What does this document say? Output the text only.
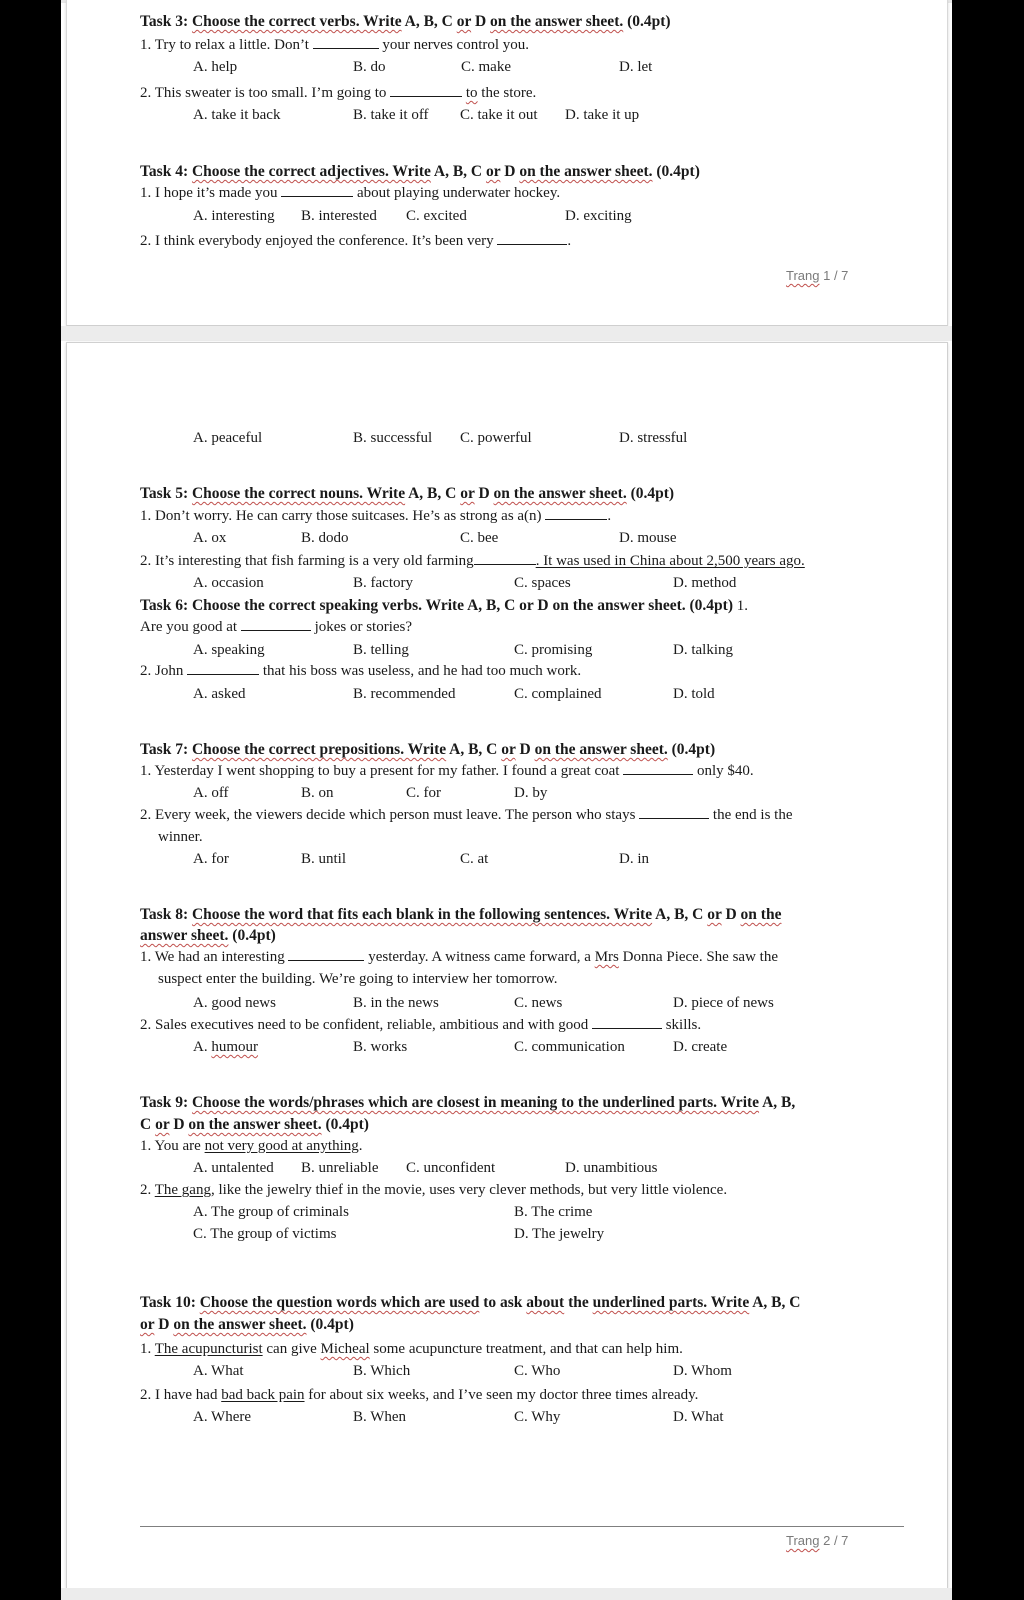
Task 3: Choose the correct verbs. Write A, B, C or D on the answer sheet. (0.4pt)
1. Try to relax a little. Don’t	your nerves control you.
A. help	B. do	C. make	D. let
2. This sweater is too small. I’m going to	to the store.
A. take it back	B. take it off C. take it out D. take it up
Task 4: Choose the correct adjectives. Write A, B, C or D on the answer sheet. (0.4pt)
1. I hope it’s made you	about playing underwater hockey.
A. interesting B. interested C. excited	D. exciting
2. I think everybody enjoyed the conference. It’s been very	.
Trang 1 / 7
A. peaceful	B. successful C. powerful	D. stressful
Task 5: Choose the correct nouns. Write A, B, C or D on the answer sheet. (0.4pt)
1. Don’t worry. He can carry those suitcases. He’s as strong as a(n)	.
A. ox	B. dodo	C. bee	D. mouse
2. It’s interesting that fish farming is a very old farming	. It was used in China about 2,500 years ago.
A. occasion	B. factory	C. spaces	D. method
Task 6: Choose the correct speaking verbs. Write A, B, C or D on the answer sheet. (0.4pt) 1.
Are you good at	jokes or stories?
A. speaking	B. telling	C. promising	D. talking
2. John	that his boss was useless, and he had too much work.
A. asked	B. recommended	C. complained	D. told
Task 7: Choose the correct prepositions. Write A, B, C or D on the answer sheet. (0.4pt)
1. Yesterday I went shopping to buy a present for my father. I found a great coat	only $40.
A. off	B. on	C. for	D. by
2. Every week, the viewers decide which person must leave. The person who stays	the end is the
winner.
A. for	B. until	C. at	D. in
Task 8: Choose the word that fits each blank in the following sentences. Write A, B, C or D on the
answer sheet. (0.4pt)
1. We had an interesting	yesterday. A witness came forward, a Mrs Donna Piece. She saw the
suspect enter the building. We’re going to interview her tomorrow.
A. good news	B. in the news	C. news	D. piece of news
2. Sales executives need to be confident, reliable, ambitious and with good	skills.
A. humour	B. works	C. communication	D. create
Task 9: Choose the words/phrases which are closest in meaning to the underlined parts. Write A, B,
C or D on the answer sheet. (0.4pt)
1. You are not very good at anything.
A. untalented B. unreliable C. unconfident	D. unambitious
2. The gang, like the jewelry thief in the movie, uses very clever methods, but very little violence.
A. The group of criminals	B. The crime
C. The group of victims	D. The jewelry
Task 10: Choose the question words which are used to ask about the underlined parts. Write A, B, C
or D on the answer sheet. (0.4pt)
1. The acupuncturist can give Micheal some acupuncture treatment, and that can help him.
A. What	B. Which	C. Who	D. Whom
2. I have had bad back pain for about six weeks, and I’ve seen my doctor three times already.
A. Where	B. When	C. Why	D. What
Trang 2 / 7
